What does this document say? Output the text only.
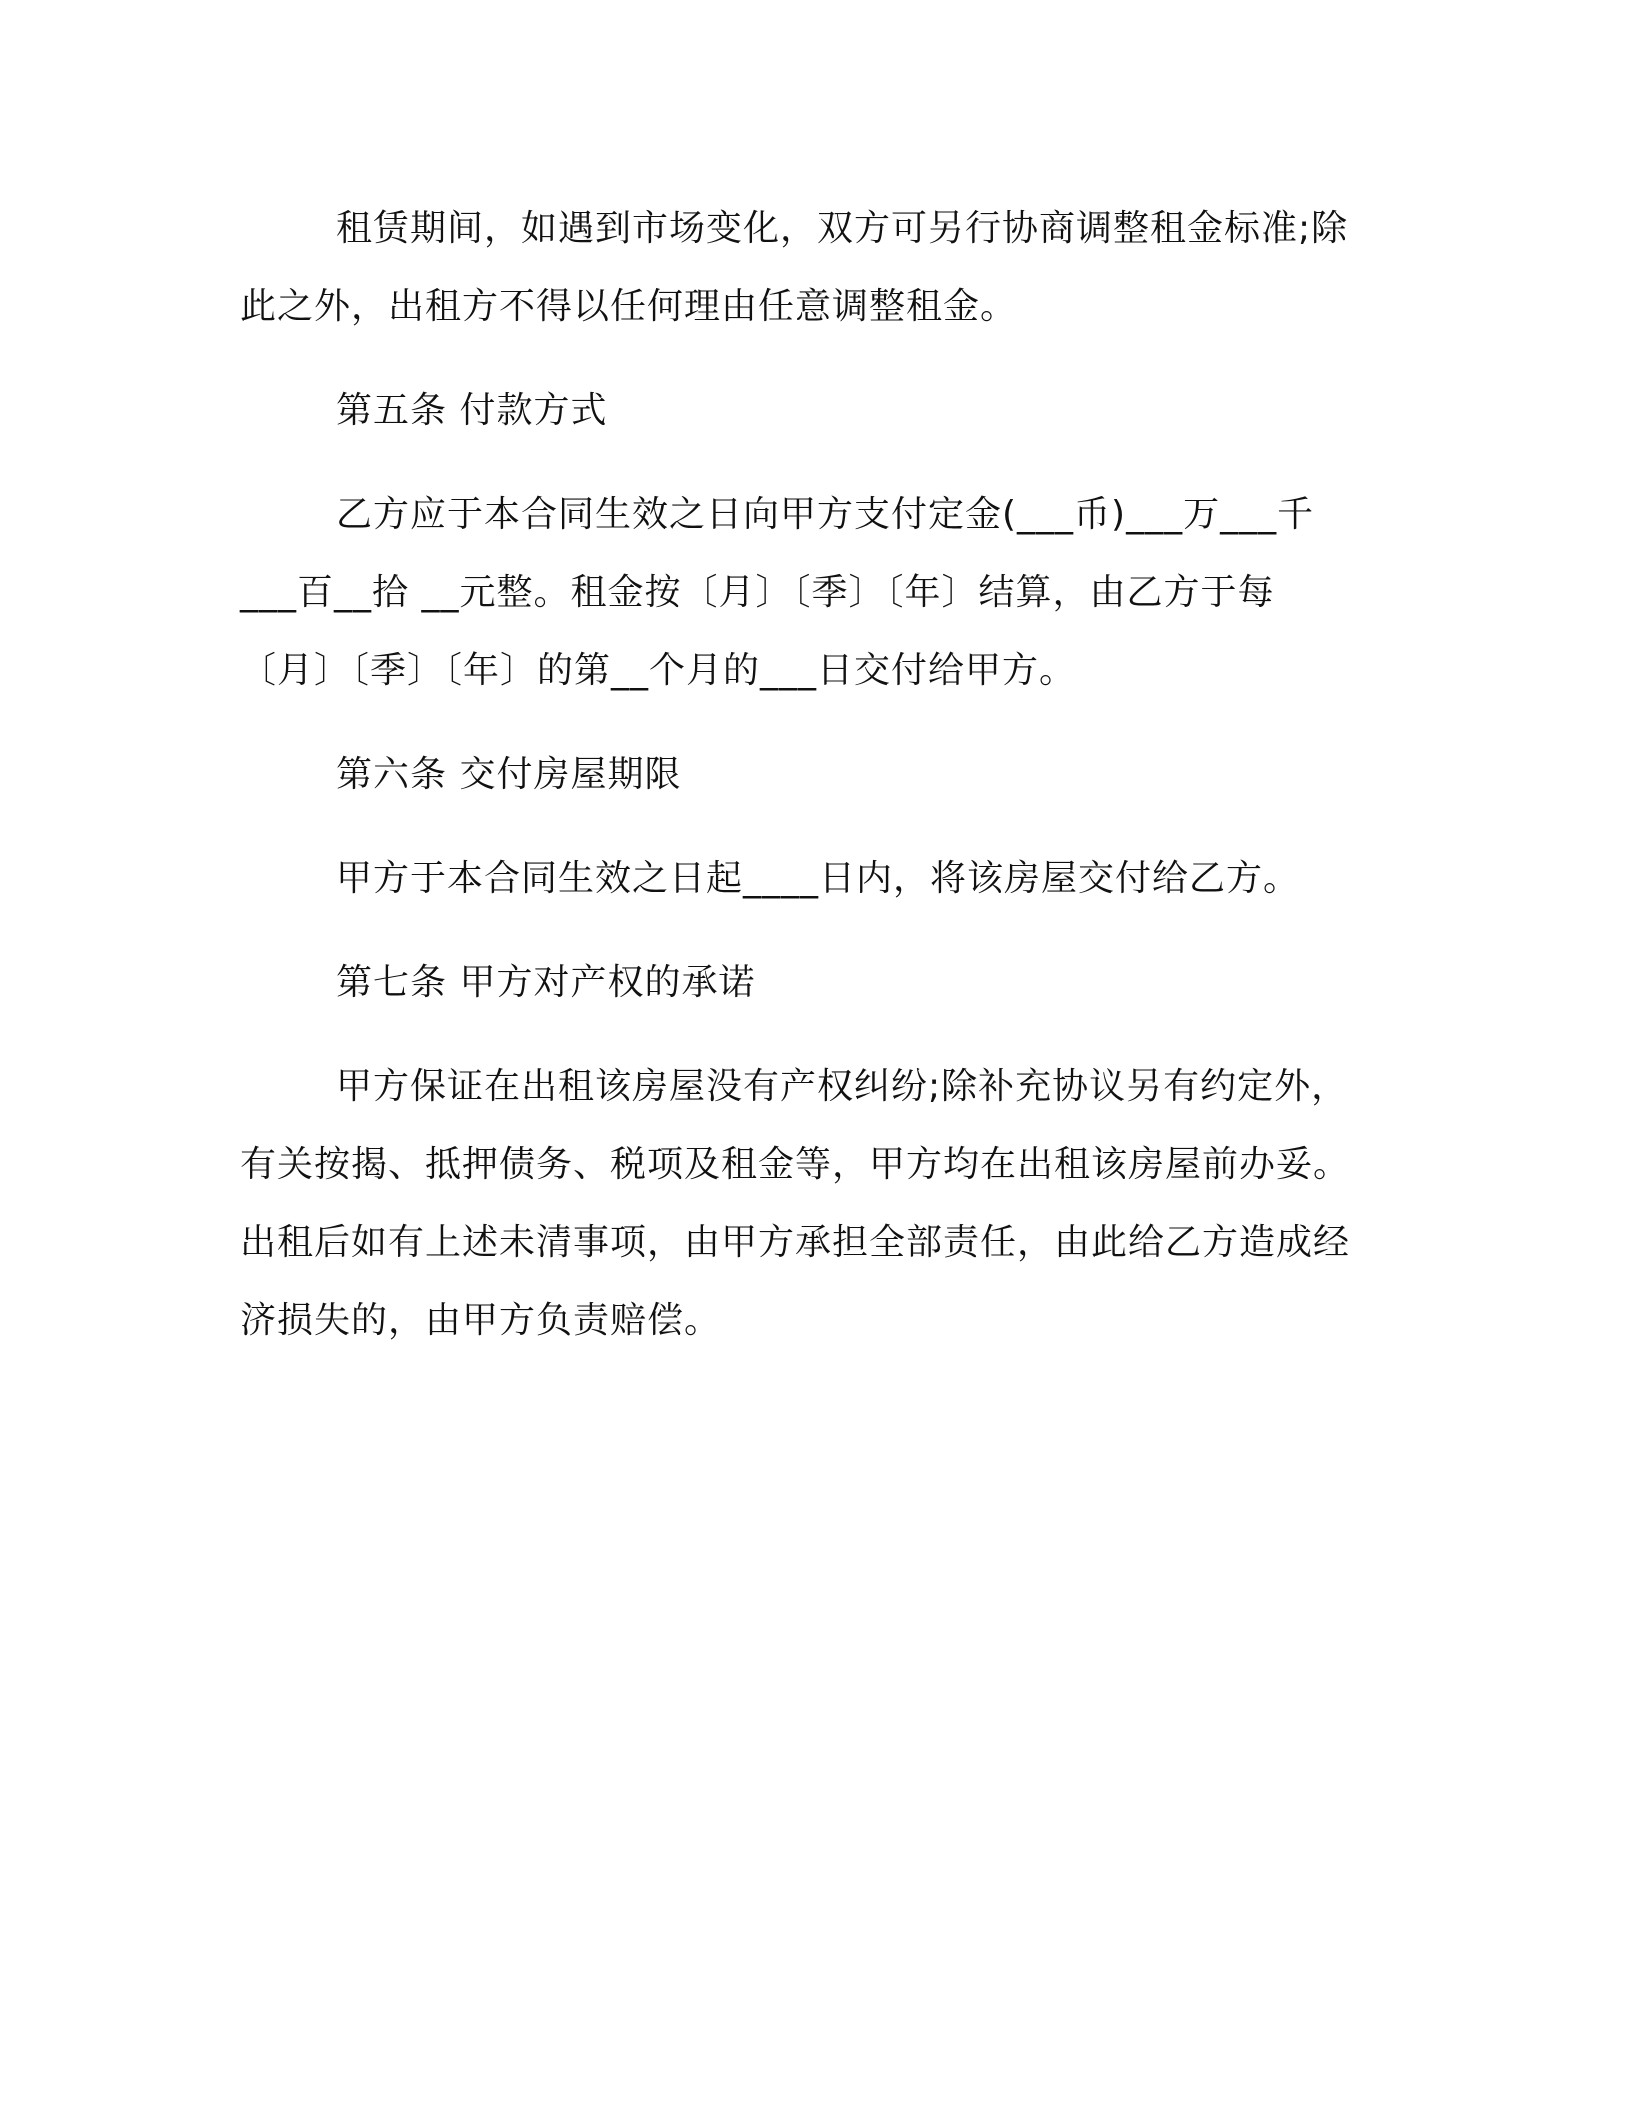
租赁期间，如遇到市场变化，双方可另行协商调整租金标准;除

此之外，出租方不得以任何理由任意调整租金。

第五条 付款方式

乙方应于本合同生效之日向甲方支付定金(___币)___万___千

___百__拾 __元整。租金按〔月〕〔季〕〔年〕结算，由乙方于每

〔月〕〔季〕〔年〕的第__个月的___日交付给甲方。

第六条 交付房屋期限

甲方于本合同生效之日起____日内，将该房屋交付给乙方。

第七条 甲方对产权的承诺

甲方保证在出租该房屋没有产权纠纷;除补充协议另有约定外，

有关按揭、抵押债务、税项及租金等，甲方均在出租该房屋前办妥。

出租后如有上述未清事项，由甲方承担全部责任，由此给乙方造成经

济损失的，由甲方负责赔偿。
